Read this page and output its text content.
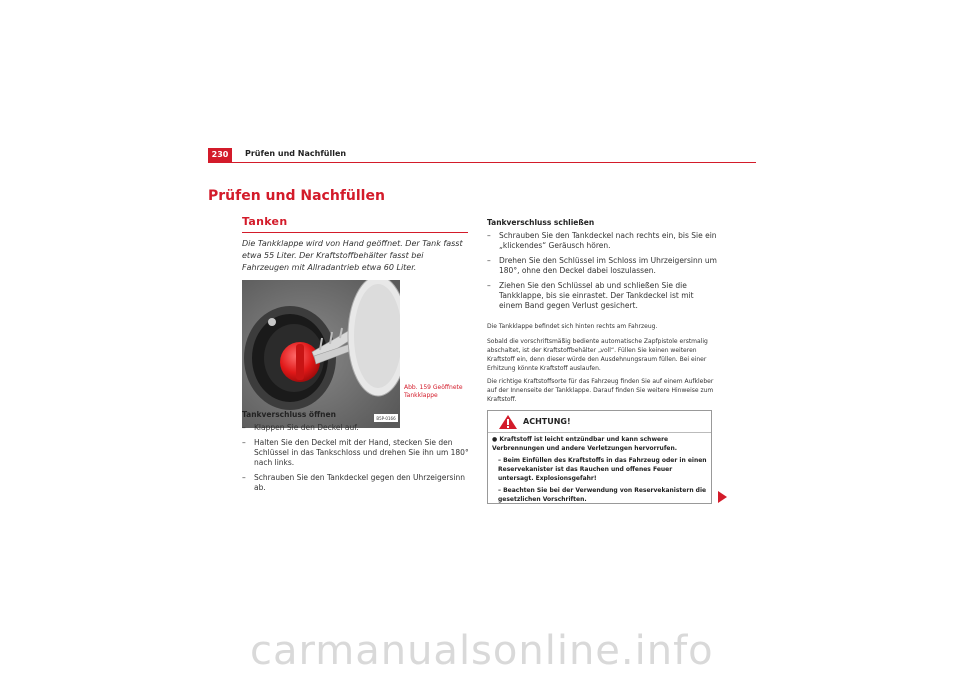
230	Prüfen und Nachfüllen
Prüfen und Nachfüllen
Tanken
Die Tankklappe wird von Hand geöffnet. Der Tank fasst etwa 55 Liter. Der Kraftstoffbehälter fasst bei Fahrzeugen mit Allradantrieb etwa 60 Liter.
B5P-0166
Abb. 159 Geöffnete Tankklappe
Tankverschluss öffnen
– Klappen Sie den Deckel auf.
– Halten Sie den Deckel mit der Hand, stecken Sie den Schlüssel in das Tankschloss und drehen Sie ihn um 180° nach links.
– Schrauben Sie den Tankdeckel gegen den Uhrzeigersinn ab.
Tankverschluss schließen
– Schrauben Sie den Tankdeckel nach rechts ein, bis Sie ein „klickendes“ Geräusch hören.
– Drehen Sie den Schlüssel im Schloss im Uhrzeigersinn um 180°, ohne den Deckel dabei loszulassen.
– Ziehen Sie den Schlüssel ab und schließen Sie die Tankklappe, bis sie einrastet. Der Tankdeckel ist mit einem Band gegen Verlust gesichert.
Die Tankklappe befindet sich hinten rechts am Fahrzeug.
Sobald die vorschriftsmäßig bediente automatische Zapfpistole erstmalig abschaltet, ist der Kraftstoffbehälter „voll“. Füllen Sie keinen weiteren Kraftstoff ein, denn dieser würde den Ausdehnungsraum füllen. Bei einer Erhitzung könnte Kraftstoff auslaufen.
Die richtige Kraftstoffsorte für das Fahrzeug finden Sie auf einem Aufkleber auf der Innenseite der Tankklappe. Darauf finden Sie weitere Hinweise zum Kraftstoff.
ACHTUNG!
● Kraftstoff ist leicht entzündbar und kann schwere Verbrennungen und andere Verletzungen hervorrufen.
– Beim Einfüllen des Kraftstoffs in das Fahrzeug oder in einen Reservekanister ist das Rauchen und offenes Feuer untersagt. Explosionsgefahr!
– Beachten Sie bei der Verwendung von Reservekanistern die gesetzlichen Vorschriften.
carmanualsonline.info
